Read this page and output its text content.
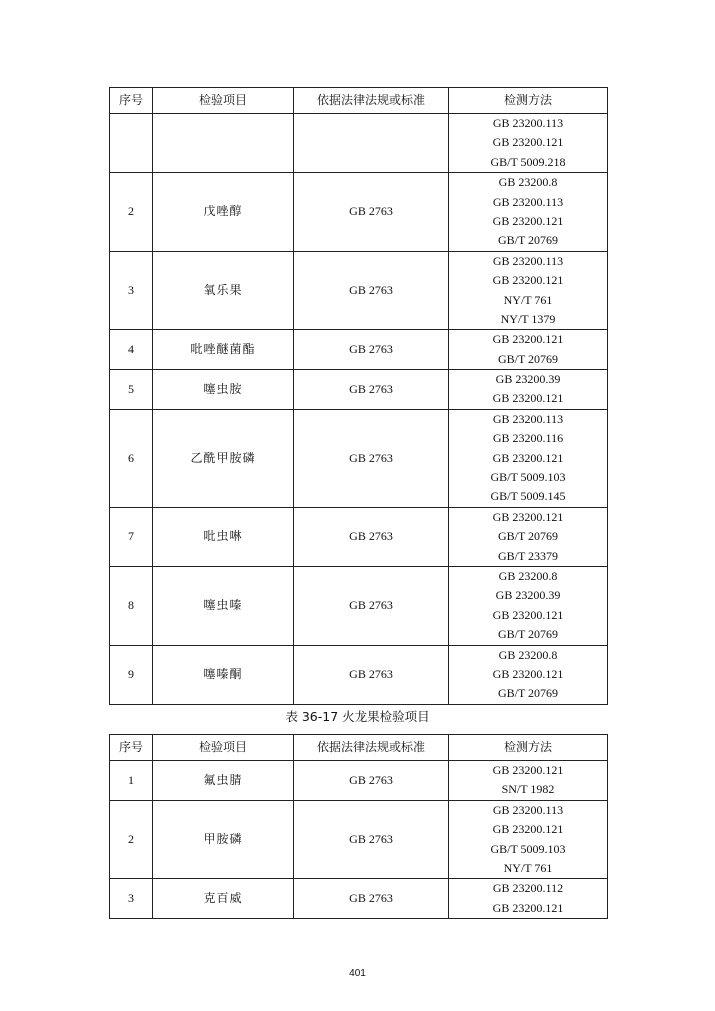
序号	检验项目	依据法律法规或标准	检测方法

			GB 23200.113
GB 23200.121
GB/T 5009.218

2	戊唑醇	GB 2763	GB 23200.8
GB 23200.113
GB 23200.121
GB/T 20769

3	氧乐果	GB 2763	GB 23200.113
GB 23200.121
NY/T 761
NY/T 1379

4	吡唑醚菌酯	GB 2763	GB 23200.121
GB/T 20769

5	噻虫胺	GB 2763	GB 23200.39
GB 23200.121

6	乙酰甲胺磷	GB 2763	GB 23200.113
GB 23200.116
GB 23200.121
GB/T 5009.103
GB/T 5009.145

7	吡虫啉	GB 2763	GB 23200.121
GB/T 20769
GB/T 23379

8	噻虫嗪	GB 2763	GB 23200.8
GB 23200.39
GB 23200.121
GB/T 20769

9	噻嗪酮	GB 2763	GB 23200.8
GB 23200.121
GB/T 20769
表 36-17 火龙果检验项目
序号	检验项目	依据法律法规或标准	检测方法
1	氟虫腈	GB 2763	GB 23200.121
SN/T 1982

2	甲胺磷	GB 2763	GB 23200.113
GB 23200.121
GB/T 5009.103
NY/T 761

3	克百威	GB 2763	GB 23200.112
GB 23200.121
401
